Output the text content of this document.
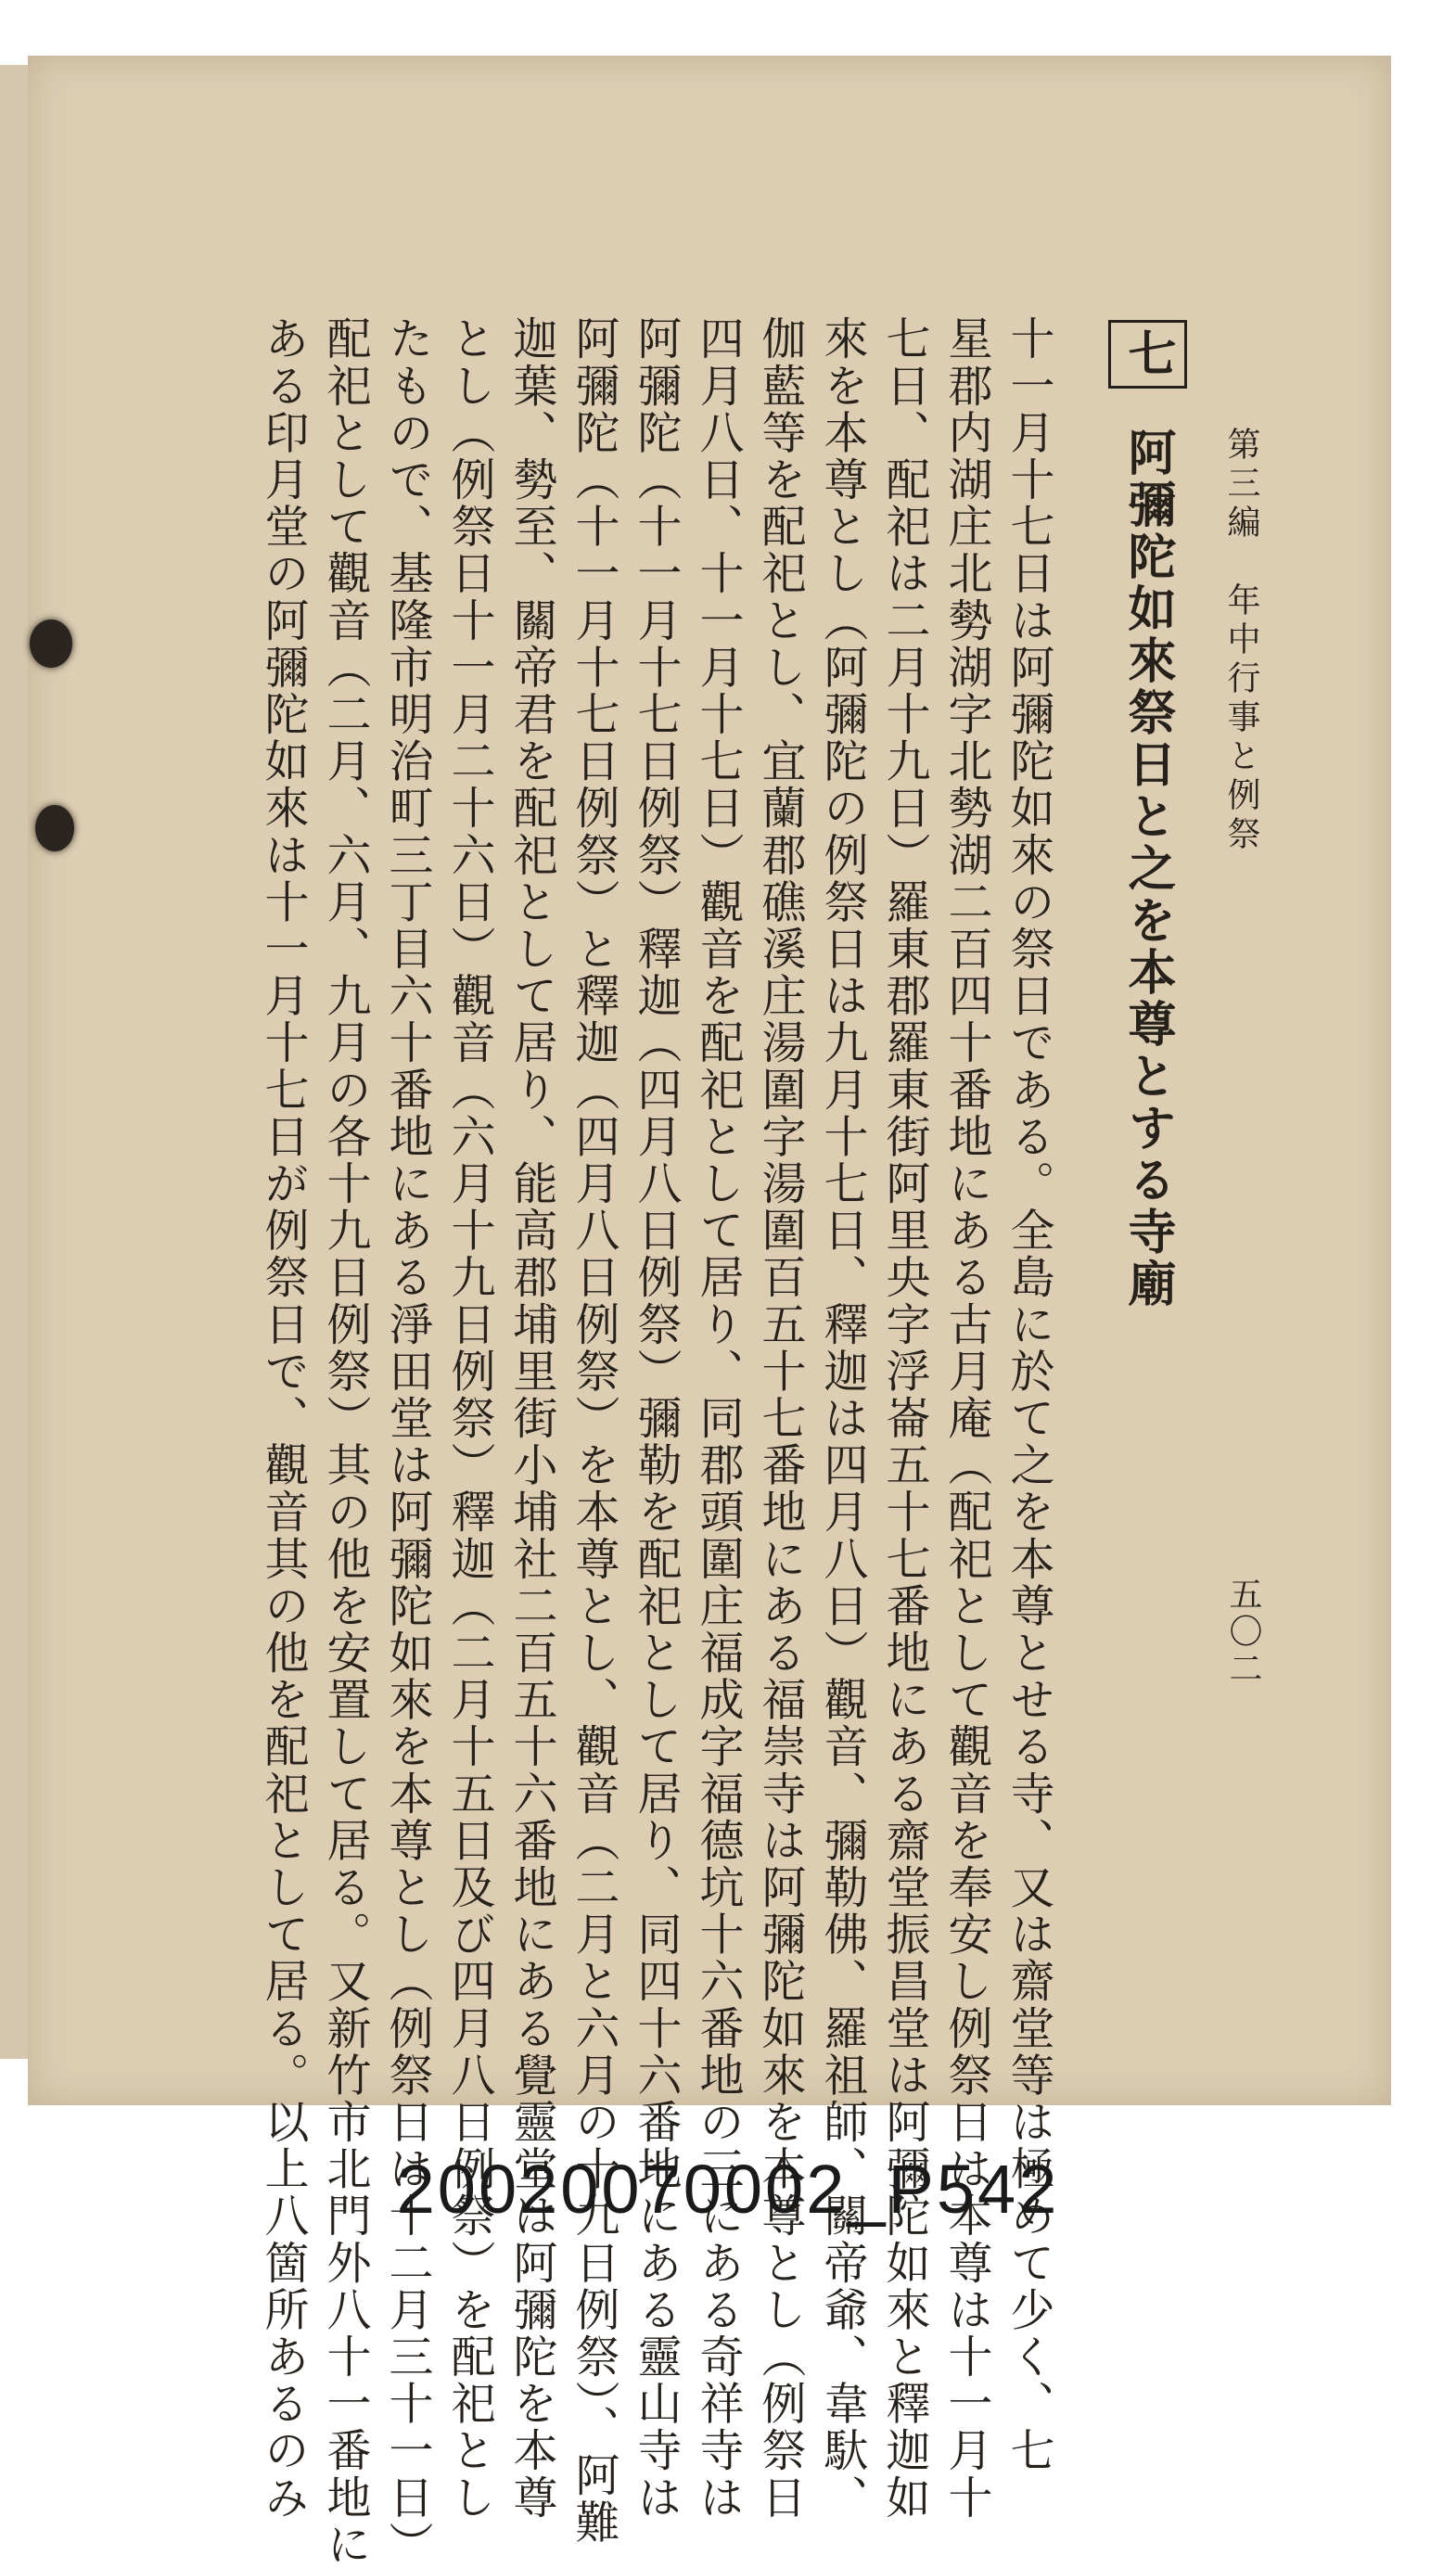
第三編　年中行事と例祭
五〇二
七 阿彌陀如來祭日と之を本尊とする寺廟
十一月十七日は阿彌陀如來の祭日である。全島に於て之を本尊とせる寺、又は齋堂等は極めて少く、七
星郡内湖庄北勢湖字北勢湖二百四十番地にある古月庵（配祀として觀音を奉安し例祭日は本尊は十一月十
七日、配祀は二月十九日）羅東郡羅東街阿里央字浮崙五十七番地にある齋堂振昌堂は阿彌陀如來と釋迦如
來を本尊とし（阿彌陀の例祭日は九月十七日、釋迦は四月八日）觀音、彌勒佛、羅祖師、關帝爺、韋馱、
伽藍等を配祀とし、宜蘭郡礁溪庄湯圍字湯圍百五十七番地にある福崇寺は阿彌陀如來を本尊とし（例祭日
四月八日、十一月十七日）觀音を配祀として居り、同郡頭圍庄福成字福德坑十六番地の三にある奇祥寺は
阿彌陀（十一月十七日例祭）釋迦（四月八日例祭）彌勒を配祀として居り、同四十六番地にある靈山寺は
阿彌陀（十一月十七日例祭）と釋迦（四月八日例祭）を本尊とし、觀音（二月と六月の十九日例祭）、阿難
迦葉、勢至、關帝君を配祀として居り、能高郡埔里街小埔社二百五十六番地にある覺靈堂は阿彌陀を本尊
とし（例祭日十一月二十六日）觀音（六月十九日例祭）釋迦（二月十五日及び四月八日例祭）を配祀とし
たもので、基隆市明治町三丁目六十番地にある淨田堂は阿彌陀如來を本尊とし（例祭日は十二月三十一日）
配祀として觀音（二月、六月、九月の各十九日例祭）其の他を安置して居る。又新竹市北門外八十一番地に
ある印月堂の阿彌陀如來は十一月十七日が例祭日で、觀音其の他を配祀として居る。以上八箇所あるのみ	20020070002_P542
